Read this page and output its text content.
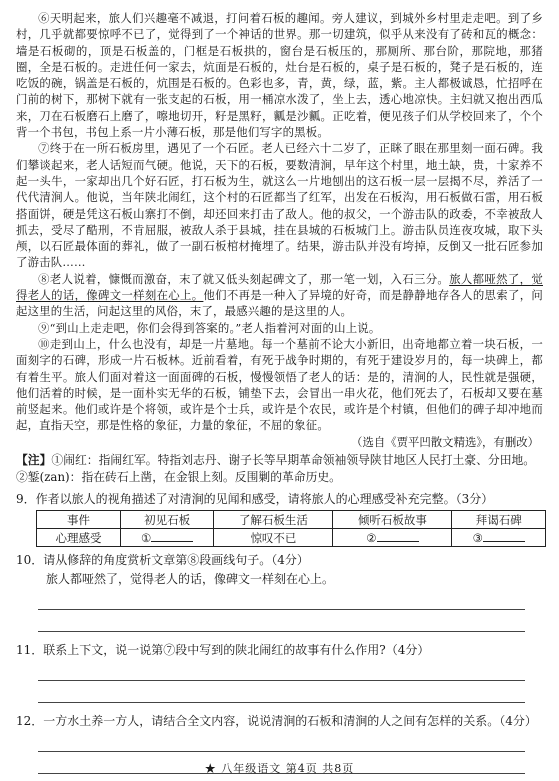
⑥天明起来，旅人们兴趣毫不减退，打问着石板的趣闻。旁人建议，到城外乡村里走走吧。到了乡村，几乎就都要惊呼不已了，觉得到了一个神话的世界。那一切建筑，似乎从来没有了砖和瓦的概念：墙是石板砌的，顶是石板盖的，门框是石板拱的，窗台是石板压的，那厕所、那台阶，那院地，那猪圈，全是石板的。走进任何一家去，炕面是石板的，灶台是石板的，桌子是石板的，凳子是石板的，连吃饭的碗，锅盖是石板的，炕围是石板的。色彩也多，青，黄，绿，蓝，紫。主人都极诚恳，忙招呼在门前的树下，那树下就有一张支起的石板，用一桶凉水泼了，坐上去，透心地凉快。主妇就又抱出西瓜来，刀在石板磨石上磨了，嚓地切开，籽是黑籽，瓤是沙瓤。正吃着，便见孩子们从学校回来了，个个背一个书包，书包上系一片小薄石板，那是他们写字的黑板。

⑦终于在一所石板房里，遇见了一个石匠。老人已经六十二岁了，正眯了眼在那里刻一面石碑。我们攀谈起来，老人话短而气硬。他说，天下的石板，要数清涧，早年这个村里，地土缺，贵，十家养不起一头牛，一家却出几个好石匠，打石板为生，就这么一片地刨出的这石板一层一层揭不尽，养活了一代代清涧人。他说，当年陕北闹红，这个村的石匠都当了红军，出发在石板沟，用石板做石雷，用石板搭面饼，硬是凭这石板山寨打不倒，却还回来打击了敌人。他的叔父，一个游击队的政委，不幸被敌人抓去，受尽了酷刑，不肯屈服，被敌人杀于县城，挂在县城的石板城门上。游击队员连夜攻城，取下头颅，以石匠最体面的葬礼，做了一副石板棺材掩埋了。结果，游击队并没有垮掉，反倒又一批石匠参加了游击队……

⑧老人说着，慷慨而激奋，末了就又低头刻起碑文了，那一笔一划，入石三分。旅人都哑然了，觉得老人的话，像碑文一样刻在心上。他们不再是一种入了异境的好奇，而是静静地存各人的思索了，问起这里的生活，问起这里的风俗，末了，最感兴趣的是这里的人。

⑨“到山上走走吧，你们会得到答案的。”老人指着河对面的山上说。

⑩走到山上，什么也没有，却是一片墓地。每一个墓前不论大小新旧，出奇地都立着一块石板，一面刻字的石碑，形成一片石板林。近前看着，有死于战争时期的，有死于建设岁月的，每一块碑上，都有着生平。旅人们面对着这一面面碑的石板，慢慢领悟了老人的话：是的，清涧的人，民性就是强硬，他们活着的时候，是一面朴实无华的石板，铺垫下去，会冒出一串火花，他们死去了，石板却又要在墓前竖起来。他们或许是个将领，或许是个士兵，或许是个农民，或许是个村镇，但他们的碑子却冲地而起，直指天空，那是性格的象征，力量的象征，不屈的象征。

（选自《贾平凹散文精选》，有删改）

【注】①闹红：指闹红军。特指刘志丹、谢子长等早期革命领袖领导陕甘地区人民打土豪、分田地。②錾(zan)：指在砖石上凿，在金银上刻。反围剿的革命历史。

9．作者以旅人的视角描述了对清涧的见闻和感受，请将旅人的心理感受补充完整。（3分）

事件	初见石板	了解石板生活	倾听石板故事	拜谒石碑
心理感受	①	惊叹不已	②	③

10．请从修辞的角度赏析文章第⑧段画线句子。（4分）

旅人都哑然了，觉得老人的话，像碑文一样刻在心上。

11．联系上下文，说一说第⑦段中写到的陕北闹红的故事有什么作用?（4分）

12．一方水土养一方人，请结合全文内容，说说清涧的石板和清涧的人之间有怎样的关系。（4分）

★ 八年级语文 第4页 共8页
